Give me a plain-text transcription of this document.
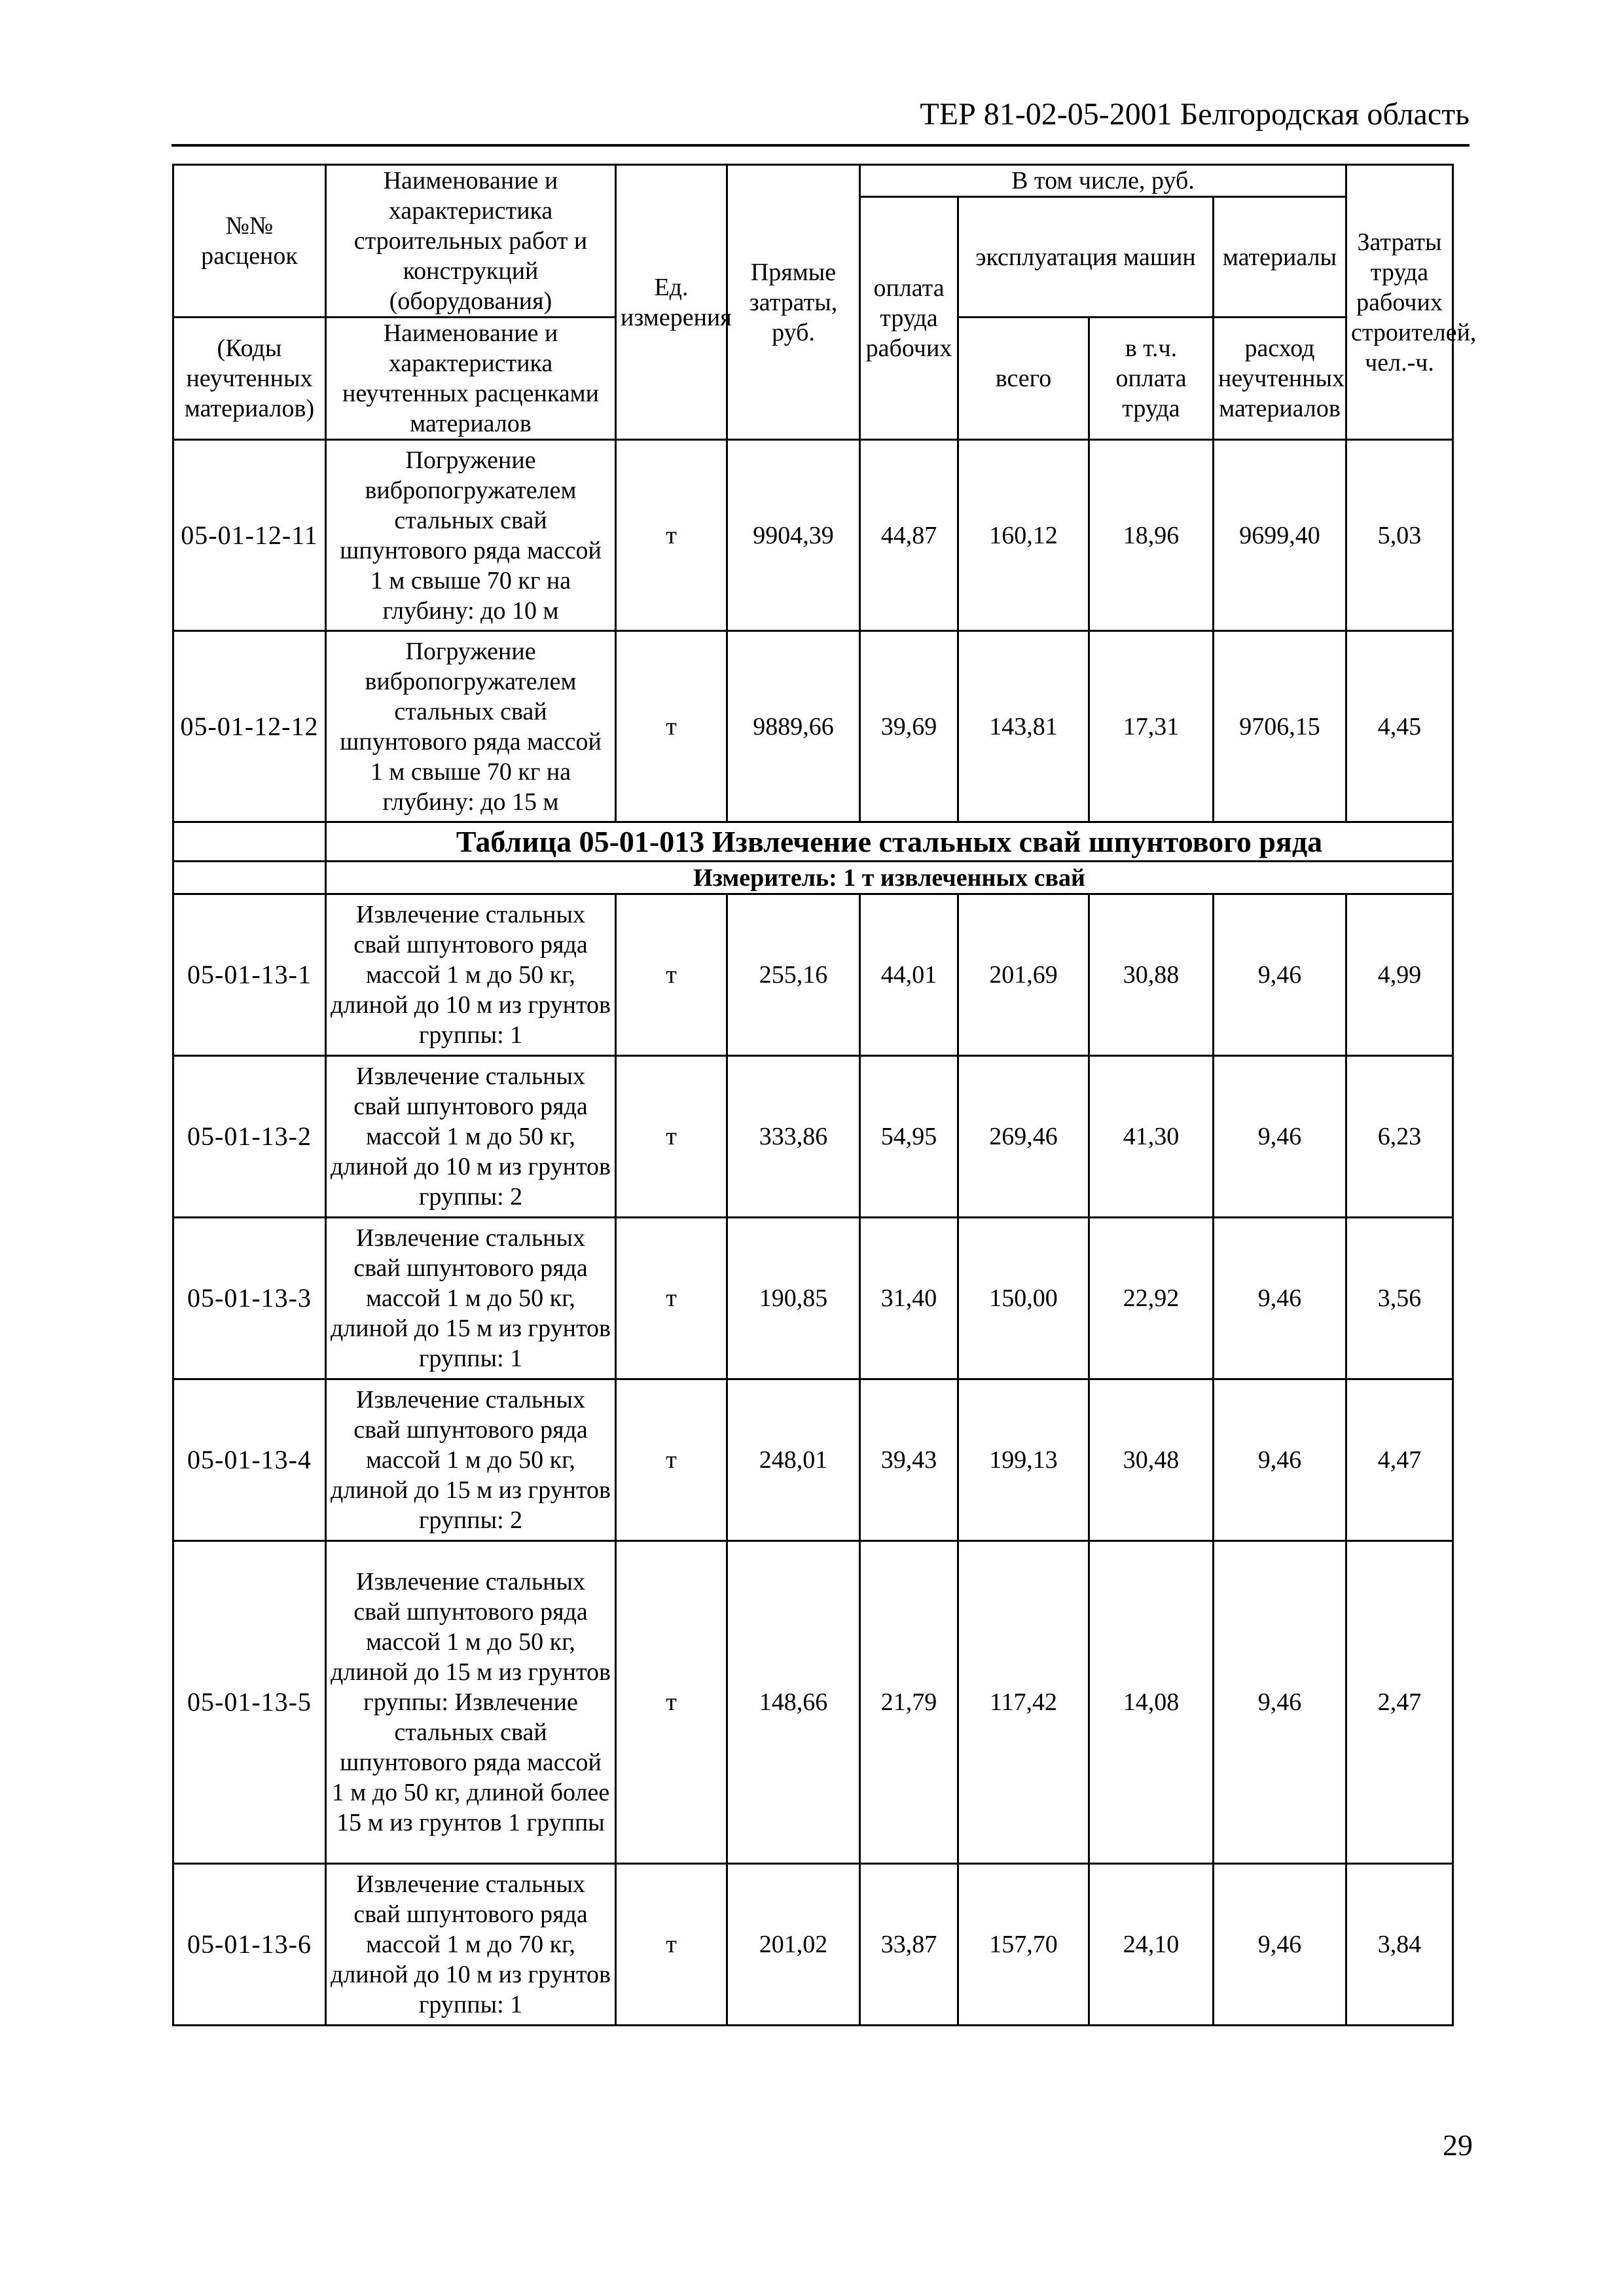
ТЕР 81-02-05-2001 Белгородская область
№№ расценок	Наименование и характеристика строительных работ и конструкций (оборудования)	Ед. измерения	Прямые затраты, руб.	В том числе, руб.				Затраты труда рабочих строителей, чел.-ч.
				оплата труда рабочих	эксплуатация машин		материалы	

(Коды неучтенных материалов)	Наименование и характеристика неучтенных расценками материалов				всего	в т.ч. оплата труда	расход неучтенных материалов	

05-01-12-11	Погружение вибропогружателем стальных свай шпунтового ряда массой 1 м свыше 70 кг на глубину: до 10 м	т	9904,39	44,87	160,12	18,96	9699,40	5,03
05-01-12-12	Погружение вибропогружателем стальных свай шпунтового ряда массой 1 м свыше 70 кг на глубину: до 15 м	т	9889,66	39,69	143,81	17,31	9706,15	4,45
	Таблица 05-01-013 Извлечение стальных свай шпунтового ряда							
	Измеритель: 1 т извлеченных свай							
05-01-13-1	Извлечение стальных свай шпунтового ряда массой 1 м до 50 кг, длиной до 10 м из грунтов группы: 1	т	255,16	44,01	201,69	30,88	9,46	4,99
05-01-13-2	Извлечение стальных свай шпунтового ряда массой 1 м до 50 кг, длиной до 10 м из грунтов группы: 2	т	333,86	54,95	269,46	41,30	9,46	6,23
05-01-13-3	Извлечение стальных свай шпунтового ряда массой 1 м до 50 кг, длиной до 15 м из грунтов группы: 1	т	190,85	31,40	150,00	22,92	9,46	3,56
05-01-13-4	Извлечение стальных свай шпунтового ряда массой 1 м до 50 кг, длиной до 15 м из грунтов группы: 2	т	248,01	39,43	199,13	30,48	9,46	4,47
05-01-13-5	Извлечение стальных свай шпунтового ряда массой 1 м до 50 кг, длиной до 15 м из грунтов группы: Извлечение стальных свай шпунтового ряда массой 1 м до 50 кг, длиной более 15 м из грунтов 1 группы	т	148,66	21,79	117,42	14,08	9,46	2,47
05-01-13-6	Извлечение стальных свай шпунтового ряда массой 1 м до 70 кг, длиной до 10 м из грунтов группы: 1	т	201,02	33,87	157,70	24,10	9,46	3,84
29
